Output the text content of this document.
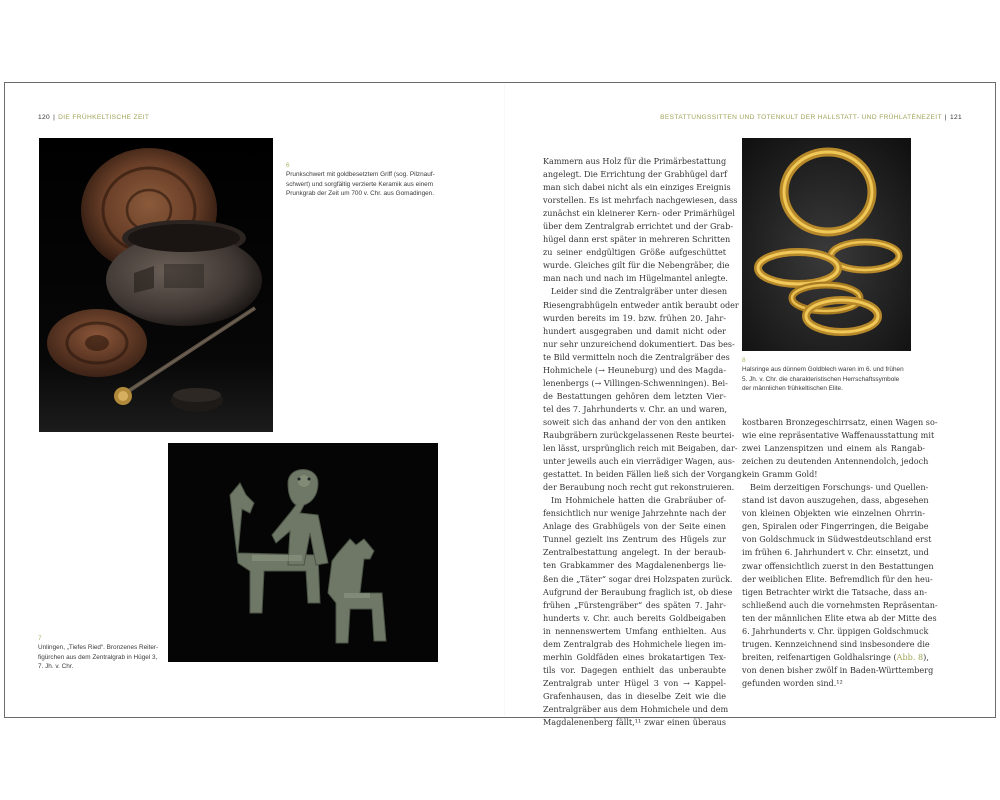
120 | DIE FRÜHKELTISCHE ZEIT	BESTATTUNGSSITTEN UND TOTENKULT DER HALLSTATT- UND FRÜHLATÈNEZEIT | 121
6
Prunkschwert mit goldbesetztem Griff (sog. Pilznauf-
schwert) und sorgfältig verzierte Keramik aus einem
Prunkgrab der Zeit um 700 v. Chr. aus Gomadingen.
7
Unlingen, „Tiefes Ried“. Bronzenes Reiter-
figürchen aus dem Zentralgrab in Hügel 3,
7. Jh. v. Chr.
8
Halsringe aus dünnem Goldblech waren im 6. und frühen
5. Jh. v. Chr. die charakteristischen Herrschaftssymbole
der männlichen frühkeltischen Elite.
Kammern aus Holz für die Primärbestattung
angelegt. Die Errichtung der Grabhügel darf
man sich dabei nicht als ein einziges Ereignis
vorstellen. Es ist mehrfach nachgewiesen, dass
zunächst ein kleinerer Kern- oder Primärhügel
über dem Zentralgrab errichtet und der Grab-
hügel dann erst später in mehreren Schritten
zu seiner endgültigen Größe aufgeschüttet
wurde. Gleiches gilt für die Nebengräber, die
man nach und nach im Hügelmantel anlegte.
Leider sind die Zentralgräber unter diesen
Riesengrabhügeln entweder antik beraubt oder
wurden bereits im 19. bzw. frühen 20. Jahr-
hundert ausgegraben und damit nicht oder
nur sehr unzureichend dokumentiert. Das bes-
te Bild vermitteln noch die Zentralgräber des
Hohmichele (→ Heuneburg) und des Magda-
lenenbergs (→ Villingen-Schwenningen). Bei-
de Bestattungen gehören dem letzten Vier-
tel des 7. Jahrhunderts v. Chr. an und waren,
soweit sich das anhand der von den antiken
Raubgräbern zurückgelassenen Reste beurtei-
len lässt, ursprünglich reich mit Beigaben, dar-
unter jeweils auch ein vierrädiger Wagen, aus-
gestattet. In beiden Fällen ließ sich der Vorgang
der Beraubung noch recht gut rekonstruieren.
Im Hohmichele hatten die Grabräuber of-
fensichtlich nur wenige Jahrzehnte nach der
Anlage des Grabhügels von der Seite einen
Tunnel gezielt ins Zentrum des Hügels zur
Zentralbestattung angelegt. In der beraub-
ten Grabkammer des Magdalenenbergs lie-
ßen die „Täter“ sogar drei Holzspaten zurück.
Aufgrund der Beraubung fraglich ist, ob diese
frühen „Fürstengräber“ des späten 7. Jahr-
hunderts v. Chr. auch bereits Goldbeigaben
in nennenswertem Umfang enthielten. Aus
dem Zentralgrab des Hohmichele liegen im-
merhin Goldfäden eines brokatartigen Tex-
tils vor. Dagegen enthielt das unberaubte
Zentralgrab unter Hügel 3 von → Kappel-
Grafenhausen, das in dieselbe Zeit wie die
Zentralgräber aus dem Hohmichele und dem
Magdalenenberg fällt,¹¹ zwar einen überaus
kostbaren Bronzegeschirrsatz, einen Wagen so-
wie eine repräsentative Waffenausstattung mit
zwei Lanzenspitzen und einem als Rangab-
zeichen zu deutenden Antennendolch, jedoch
kein Gramm Gold!
Beim derzeitigen Forschungs- und Quellen-
stand ist davon auszugehen, dass, abgesehen
von kleinen Objekten wie einzelnen Ohrrin-
gen, Spiralen oder Fingerringen, die Beigabe
von Goldschmuck in Südwestdeutschland erst
im frühen 6. Jahrhundert v. Chr. einsetzt, und
zwar offensichtlich zuerst in den Bestattungen
der weiblichen Elite. Befremdlich für den heu-
tigen Betrachter wirkt die Tatsache, dass an-
schließend auch die vornehmsten Repräsentan-
ten der männlichen Elite etwa ab der Mitte des
6. Jahrhunderts v. Chr. üppigen Goldschmuck
trugen. Kennzeichnend sind insbesondere die
breiten, reifenartigen Goldhalsringe (Abb. 8),
von denen bisher zwölf in Baden-Württemberg
gefunden worden sind.¹²
